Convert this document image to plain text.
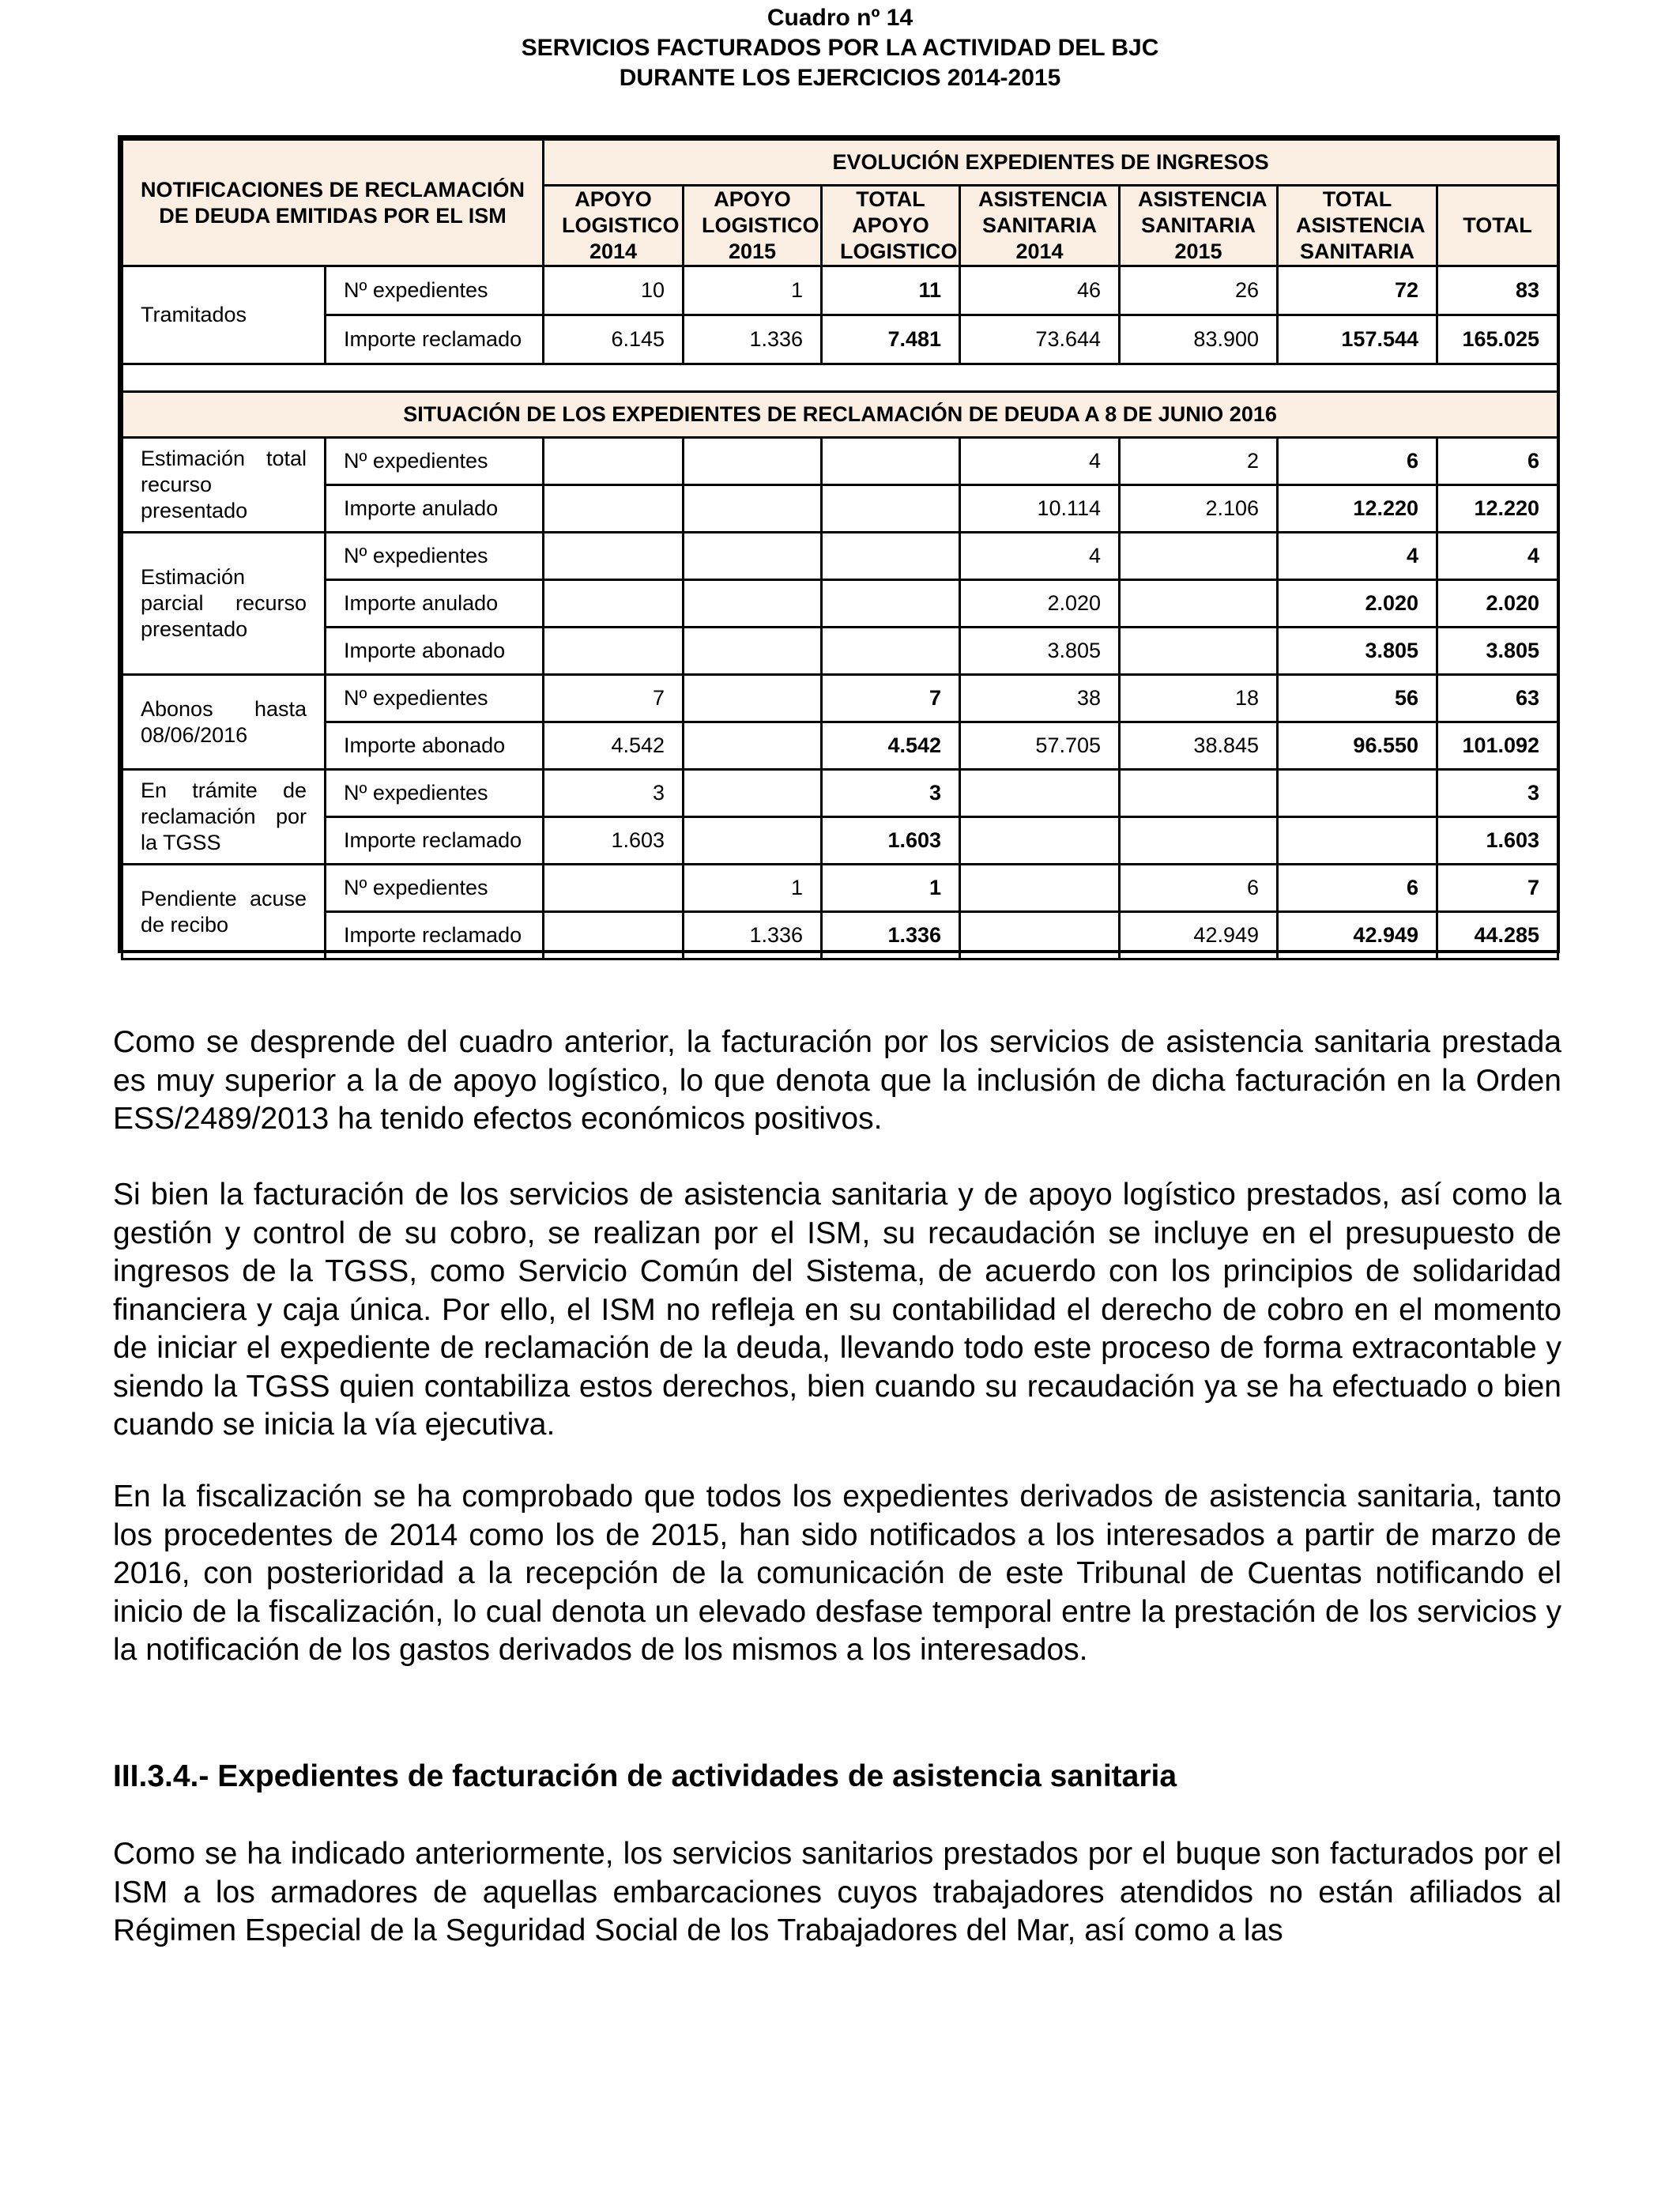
Cuadro nº 14
SERVICIOS FACTURADOS POR LA ACTIVIDAD DEL BJC
DURANTE LOS EJERCICIOS 2014-2015
NOTIFICACIONES DE RECLAMACIÓN DE DEUDA EMITIDAS POR EL ISM		EVOLUCIÓN EXPEDIENTES DE INGRESOS						
		APOYO LOGISTICO 2014	APOYO LOGISTICO 2015	TOTAL APOYO LOGISTICO	ASISTENCIA SANITARIA 2014	ASISTENCIA SANITARIA 2015	TOTAL ASISTENCIA SANITARIA	TOTAL
Tramitados	Nº expedientes	10	1	11	46	26	72	83
	Importe reclamado	6.145	1.336	7.481	73.644	83.900	157.544	165.025

SITUACIÓN DE LOS EXPEDIENTES DE RECLAMACIÓN DE DEUDA A 8 DE JUNIO 2016								

Estimación total
recurso
presentado	Nº expedientes				4	2	6	6
	Importe anulado				10.114	2.106	12.220	12.220

Estimación
parcial recurso
presentado	Nº expedientes				4		4	4
	Importe anulado				2.020		2.020	2.020
	Importe abonado				3.805		3.805	3.805

Abonos hasta
08/06/2016	Nº expedientes	7		7	38	18	56	63
	Importe abonado	4.542		4.542	57.705	38.845	96.550	101.092

En trámite de
reclamación por
la TGSS	Nº expedientes	3		3				3
	Importe reclamado	1.603		1.603				1.603

Pendiente acuse
de recibo	Nº expedientes		1	1		6	6	7
	Importe reclamado		1.336	1.336		42.949	42.949	44.285

Como se desprende del cuadro anterior, la facturación por los servicios de asistencia sanitaria prestada es muy superior a la de apoyo logístico, lo que denota que la inclusión de dicha facturación en la Orden ESS/2489/2013 ha tenido efectos económicos positivos.

Si bien la facturación de los servicios de asistencia sanitaria y de apoyo logístico prestados, así como la gestión y control de su cobro, se realizan por el ISM, su recaudación se incluye en el presupuesto de ingresos de la TGSS, como Servicio Común del Sistema, de acuerdo con los principios de solidaridad financiera y caja única. Por ello, el ISM no refleja en su contabilidad el derecho de cobro en el momento de iniciar el expediente de reclamación de la deuda, llevando todo este proceso de forma extracontable y siendo la TGSS quien contabiliza estos derechos, bien cuando su recaudación ya se ha efectuado o bien cuando se inicia la vía ejecutiva.

En la fiscalización se ha comprobado que todos los expedientes derivados de asistencia sanitaria, tanto los procedentes de 2014 como los de 2015, han sido notificados a los interesados a partir de marzo de 2016, con posterioridad a la recepción de la comunicación de este Tribunal de Cuentas notificando el inicio de la fiscalización, lo cual denota un elevado desfase temporal entre la prestación de los servicios y la notificación de los gastos derivados de los mismos a los interesados.

III.3.4.- Expedientes de facturación de actividades de asistencia sanitaria

Como se ha indicado anteriormente, los servicios sanitarios prestados por el buque son facturados por el ISM a los armadores de aquellas embarcaciones cuyos trabajadores atendidos no están afiliados al Régimen Especial de la Seguridad Social de los Trabajadores del Mar, así como a las
